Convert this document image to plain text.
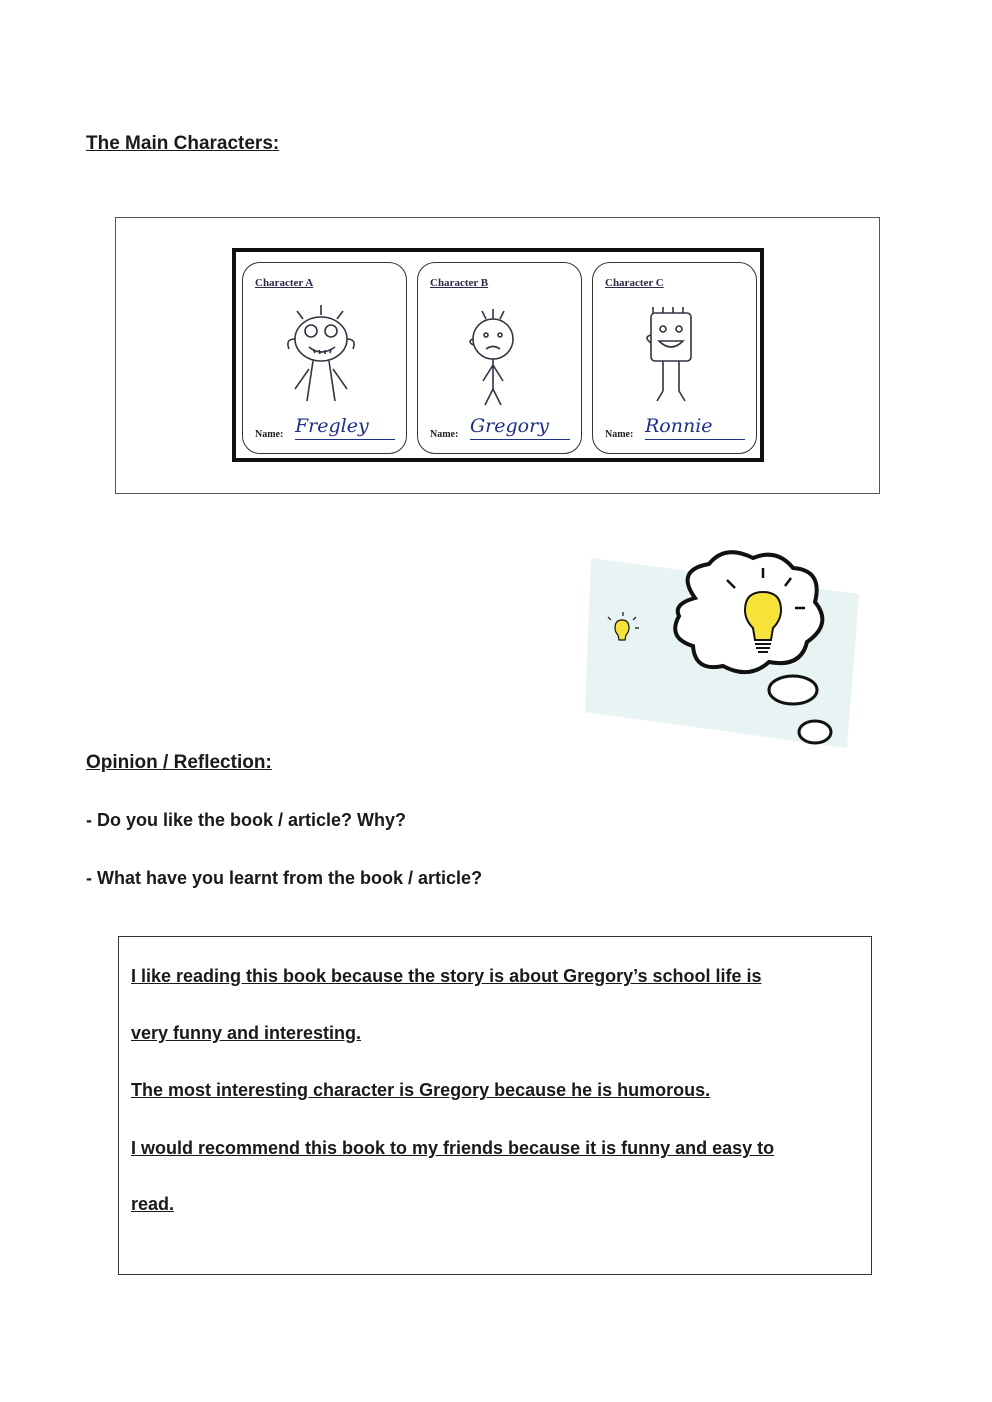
The Main Characters:
Character A
Name: Fregley
Character B
Name: Gregory
Character C
Name: Ronnie
Opinion / Reflection:
- Do you like the book / article? Why?
- What have you learnt from the book / article?
I like reading this book because the story is about Gregory’s school life is
very funny and interesting.
The most interesting character is Gregory because he is humorous.
I would recommend this book to my friends because it is funny and easy to
read.
